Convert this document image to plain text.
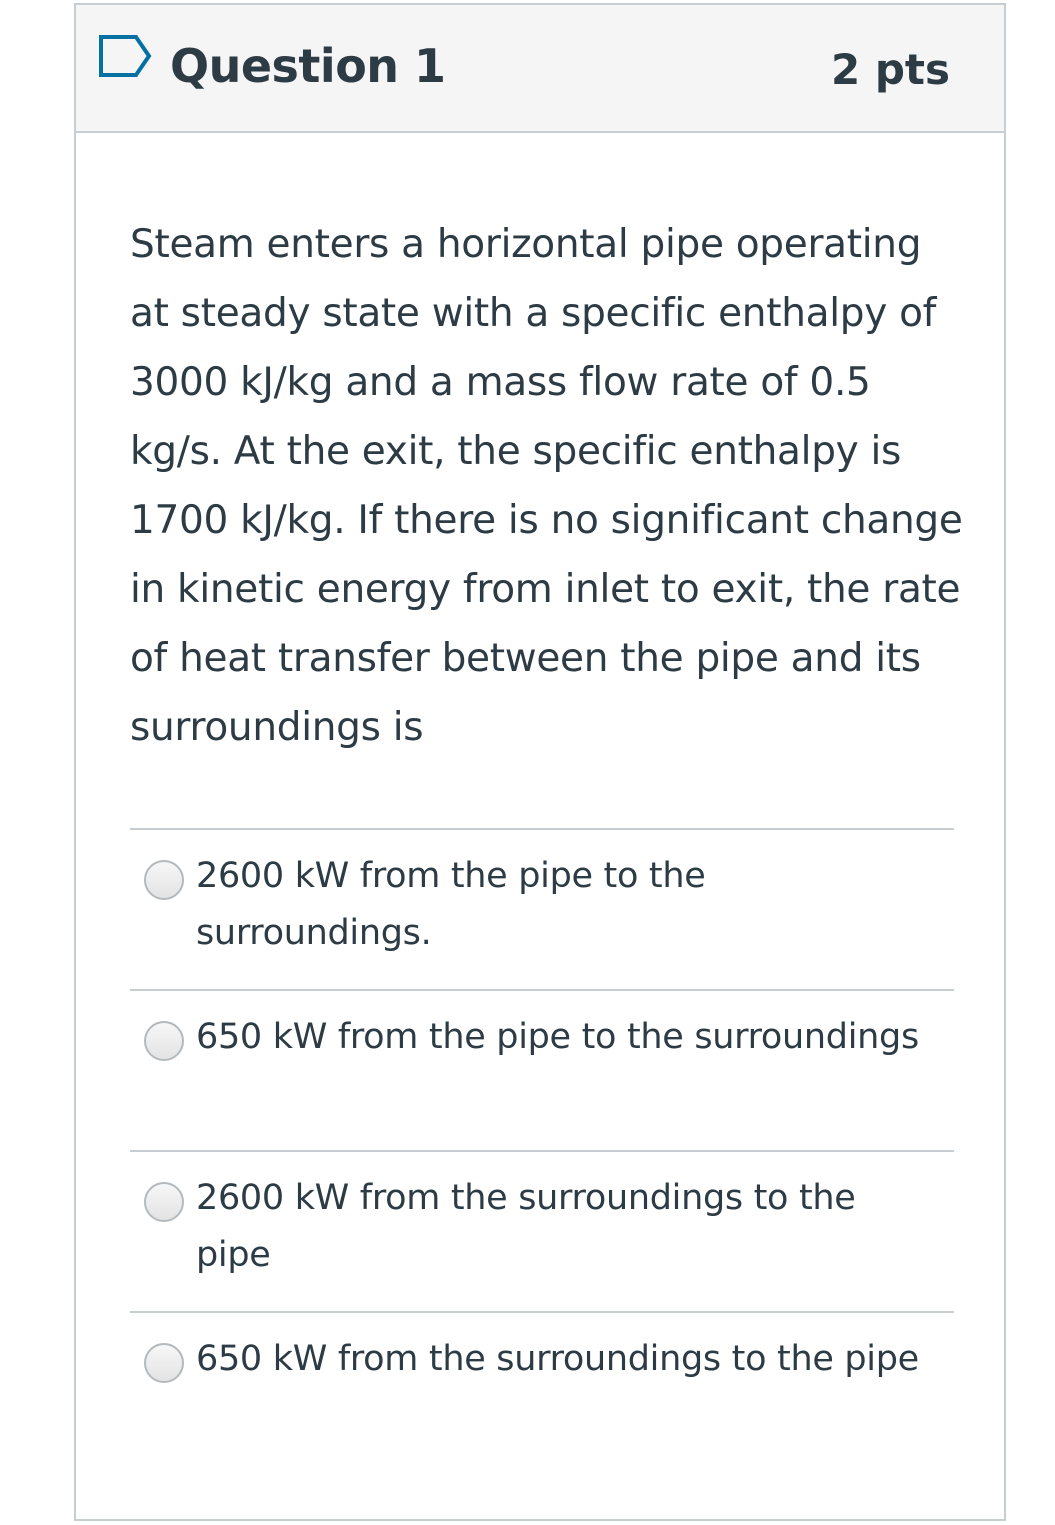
Question 1	2 pts
Steam enters a horizontal pipe operating at steady state with a specific enthalpy of 3000 kJ/kg and a mass flow rate of 0.5 kg/s. At the exit, the specific enthalpy is 1700 kJ/kg. If there is no significant change in kinetic energy from inlet to exit, the rate of heat transfer between the pipe and its surroundings is
2600 kW from the pipe to the surroundings.
650 kW from the pipe to the surroundings
2600 kW from the surroundings to the pipe
650 kW from the surroundings to the pipe
